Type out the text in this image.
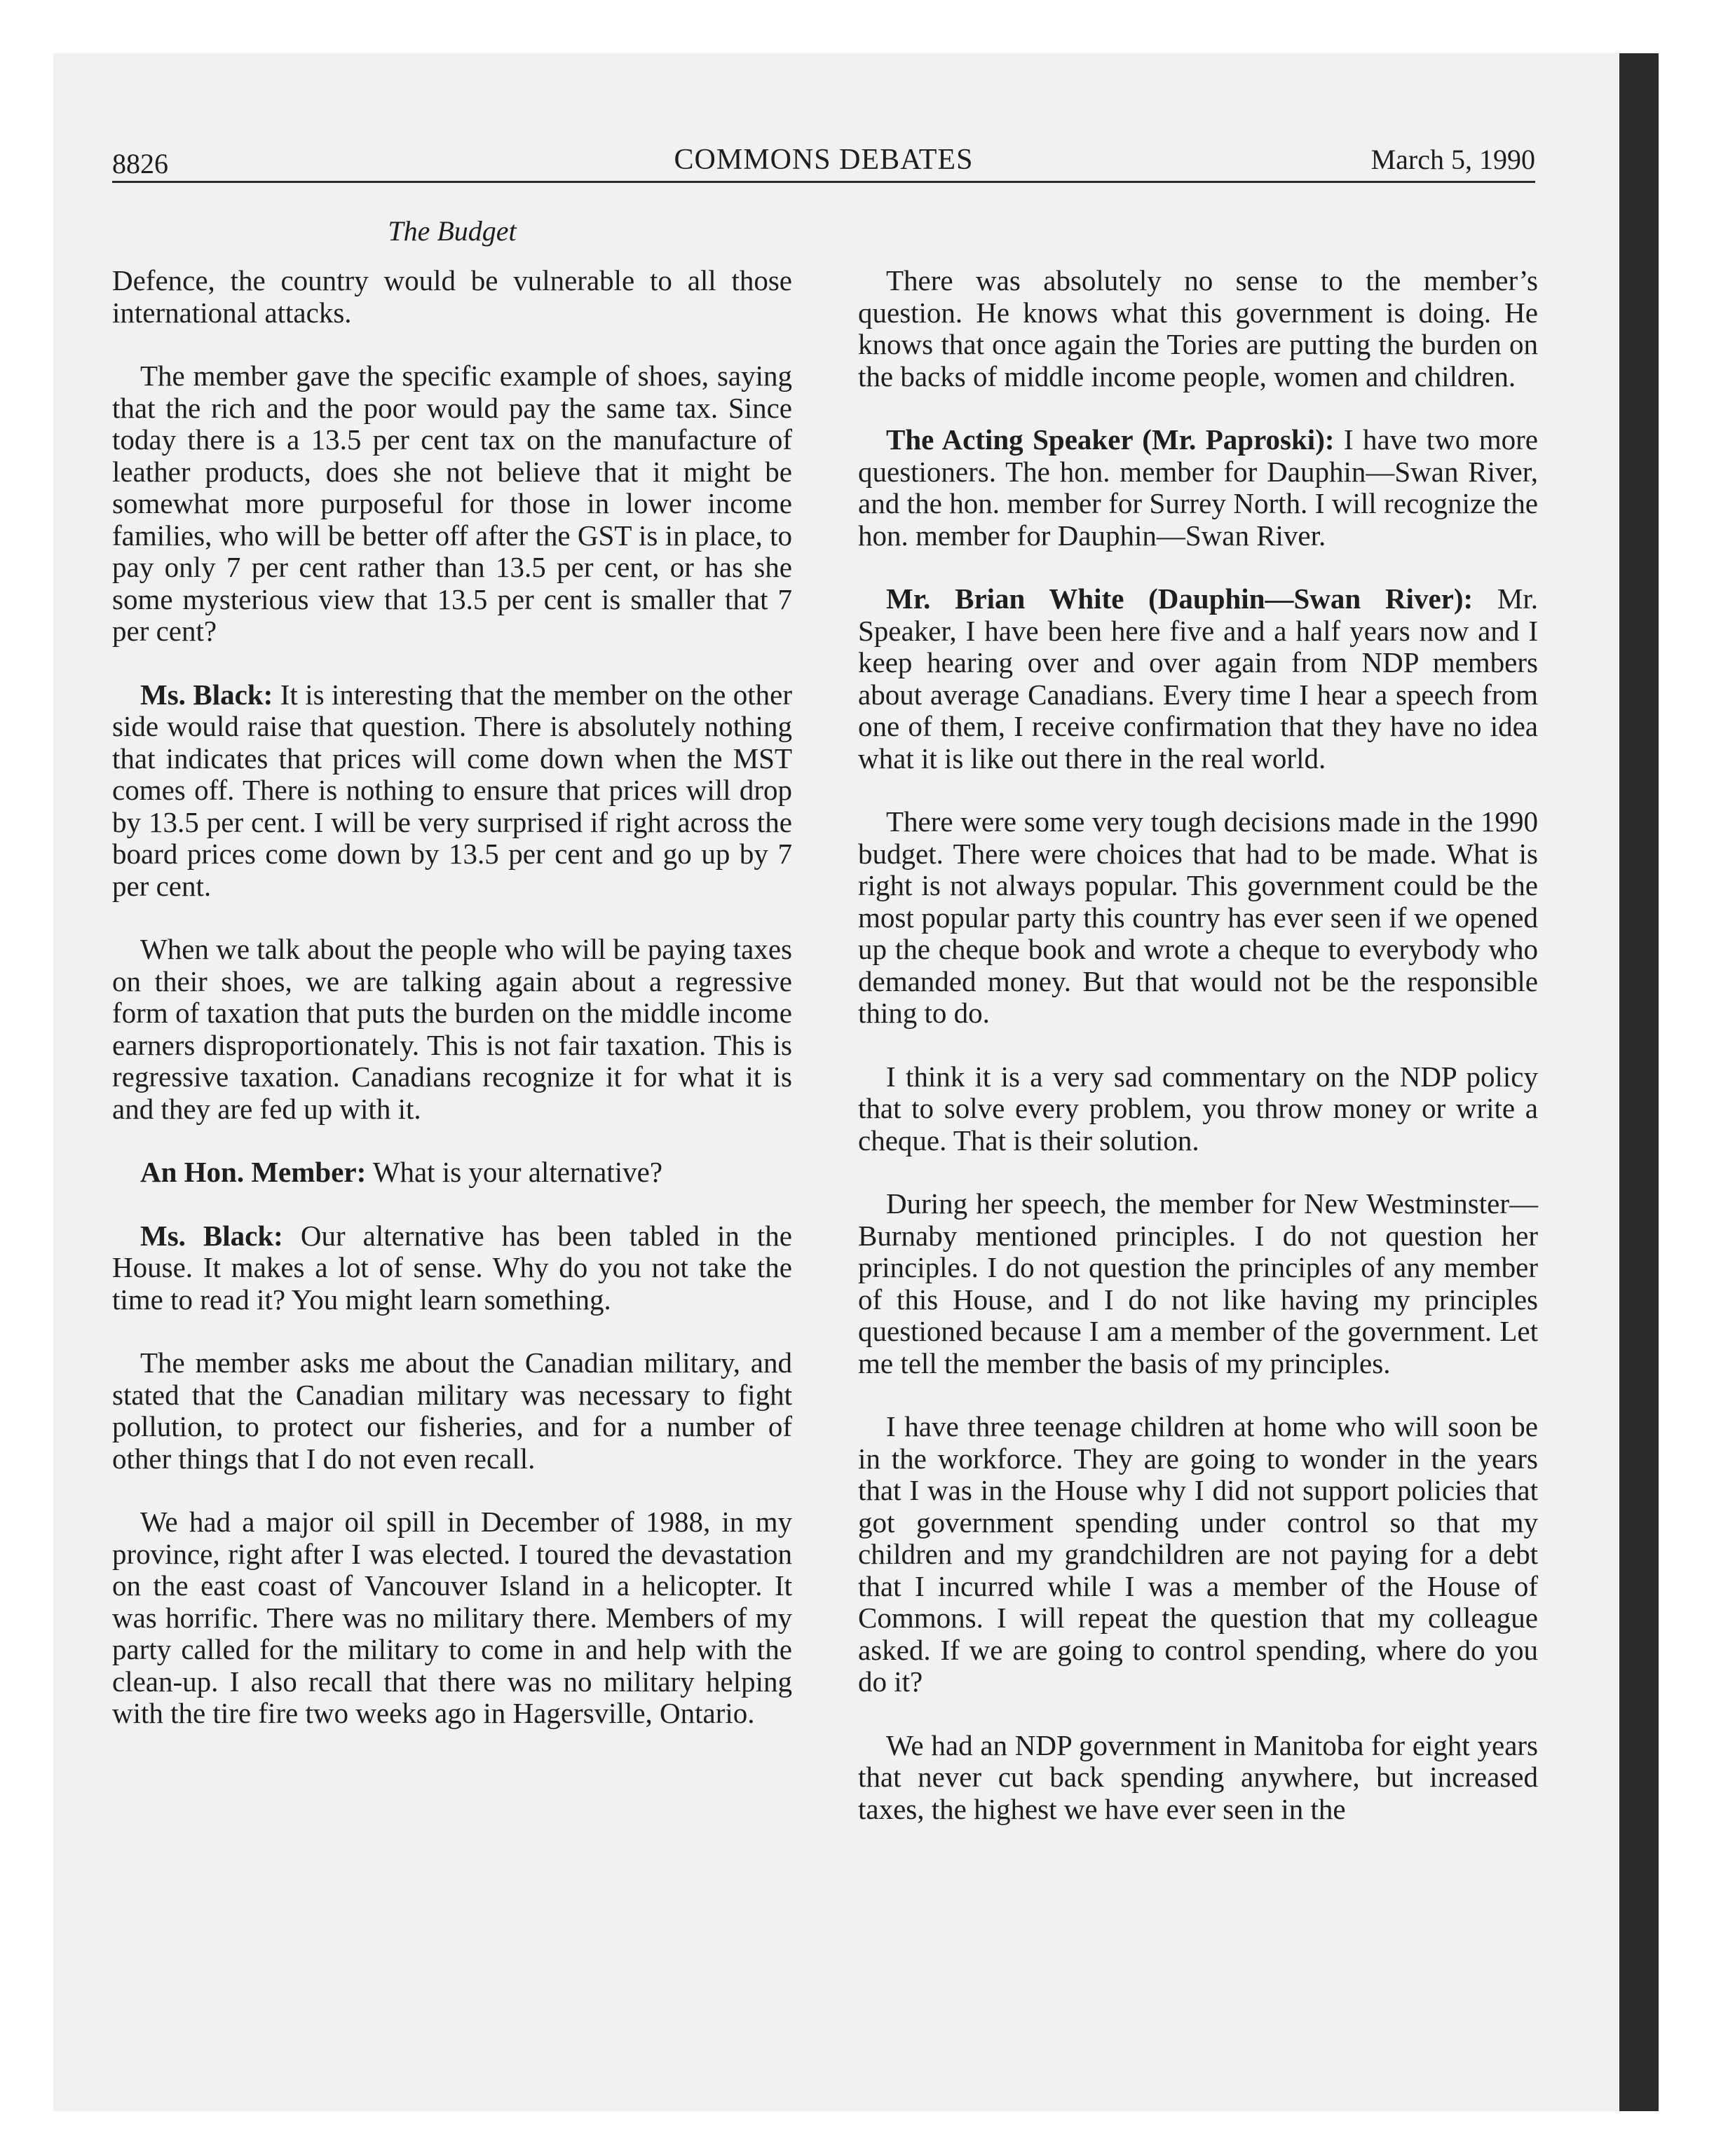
8826	COMMONS DEBATES	March 5, 1990
The Budget

Defence, the country would be vulnerable to all those international attacks.

The member gave the specific example of shoes, saying that the rich and the poor would pay the same tax. Since today there is a 13.5 per cent tax on the manufacture of leather products, does she not believe that it might be somewhat more purposeful for those in lower income families, who will be better off after the GST is in place, to pay only 7 per cent rather than 13.5 per cent, or has she some mysterious view that 13.5 per cent is smaller that 7 per cent?

Ms. Black: It is interesting that the member on the other side would raise that question. There is absolutely nothing that indicates that prices will come down when the MST comes off. There is nothing to ensure that prices will drop by 13.5 per cent. I will be very surprised if right across the board prices come down by 13.5 per cent and go up by 7 per cent.

When we talk about the people who will be paying taxes on their shoes, we are talking again about a regressive form of taxation that puts the burden on the middle income earners disproportionately. This is not fair taxation. This is regressive taxation. Canadians recognize it for what it is and they are fed up with it.

An Hon. Member: What is your alternative?

Ms. Black: Our alternative has been tabled in the House. It makes a lot of sense. Why do you not take the time to read it? You might learn something.

The member asks me about the Canadian military, and stated that the Canadian military was necessary to fight pollution, to protect our fisheries, and for a number of other things that I do not even recall.

We had a major oil spill in December of 1988, in my province, right after I was elected. I toured the devastation on the east coast of Vancouver Island in a helicopter. It was horrific. There was no military there. Members of my party called for the military to come in and help with the clean-up. I also recall that there was no military helping with the tire fire two weeks ago in Hagersville, Ontario.

There was absolutely no sense to the member’s question. He knows what this government is doing. He knows that once again the Tories are putting the burden on the backs of middle income people, women and children.

The Acting Speaker (Mr. Paproski): I have two more questioners. The hon. member for Dauphin—Swan River, and the hon. member for Surrey North. I will recognize the hon. member for Dauphin—Swan River.

Mr. Brian White (Dauphin—Swan River): Mr. Speaker, I have been here five and a half years now and I keep hearing over and over again from NDP members about average Canadians. Every time I hear a speech from one of them, I receive confirmation that they have no idea what it is like out there in the real world.

There were some very tough decisions made in the 1990 budget. There were choices that had to be made. What is right is not always popular. This government could be the most popular party this country has ever seen if we opened up the cheque book and wrote a cheque to everybody who demanded money. But that would not be the responsible thing to do.

I think it is a very sad commentary on the NDP policy that to solve every problem, you throw money or write a cheque. That is their solution.

During her speech, the member for New Westminster—Burnaby mentioned principles. I do not question her principles. I do not question the principles of any member of this House, and I do not like having my principles questioned because I am a member of the government. Let me tell the member the basis of my principles.

I have three teenage children at home who will soon be in the workforce. They are going to wonder in the years that I was in the House why I did not support policies that got government spending under control so that my children and my grandchildren are not paying for a debt that I incurred while I was a member of the House of Commons. I will repeat the question that my colleague asked. If we are going to control spending, where do you do it?

We had an NDP government in Manitoba for eight years that never cut back spending anywhere, but increased taxes, the highest we have ever seen in the
